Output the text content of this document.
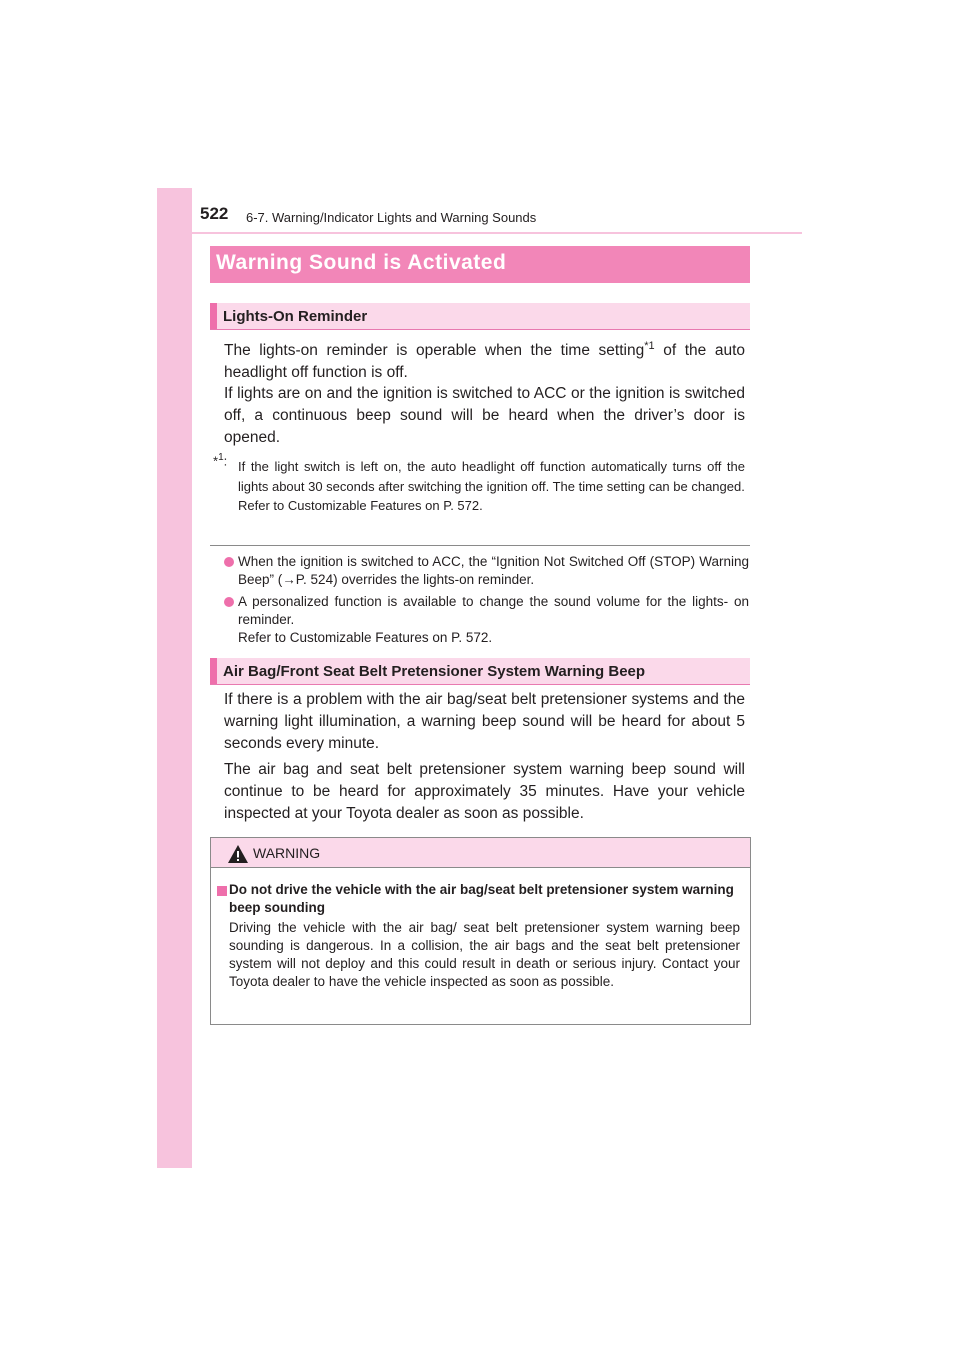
522 6-7. Warning/Indicator Lights and Warning Sounds
Warning Sound is Activated
Lights-On Reminder

The lights-on reminder is operable when the time setting$^{*1}$ of the auto headlight off function is off.

If lights are on and the ignition is switched to ACC or the ignition is switched off, a continuous beep sound will be heard when the driver’s door is opened.

*$^1$: If the light switch is left on, the auto headlight off function automatically turns off the lights about 30 seconds after switching the ignition off. The time setting can be changed.
Refer to Customizable Features on P. 572.
When the ignition is switched to ACC, the “Ignition Not Switched Off (STOP) Warning Beep” (→P. 524) overrides the lights-on reminder.
A personalized function is available to change the sound volume for the lights- on reminder.
Refer to Customizable Features on P. 572.
Air Bag/Front Seat Belt Pretensioner System Warning Beep

If there is a problem with the air bag/seat belt pretensioner systems and the warning light illumination, a warning beep sound will be heard for about 5 seconds every minute.

The air bag and seat belt pretensioner system warning beep sound will continue to be heard for approximately 35 minutes. Have your vehicle inspected at your Toyota dealer as soon as possible.

WARNING
Do not drive the vehicle with the air bag/seat belt pretensioner system warning beep sounding

Driving the vehicle with the air bag/ seat belt pretensioner system warning beep sounding is dangerous. In a collision, the air bags and the seat belt pretensioner system will not deploy and this could result in death or serious injury. Contact your Toyota dealer to have the vehicle inspected as soon as possible.
